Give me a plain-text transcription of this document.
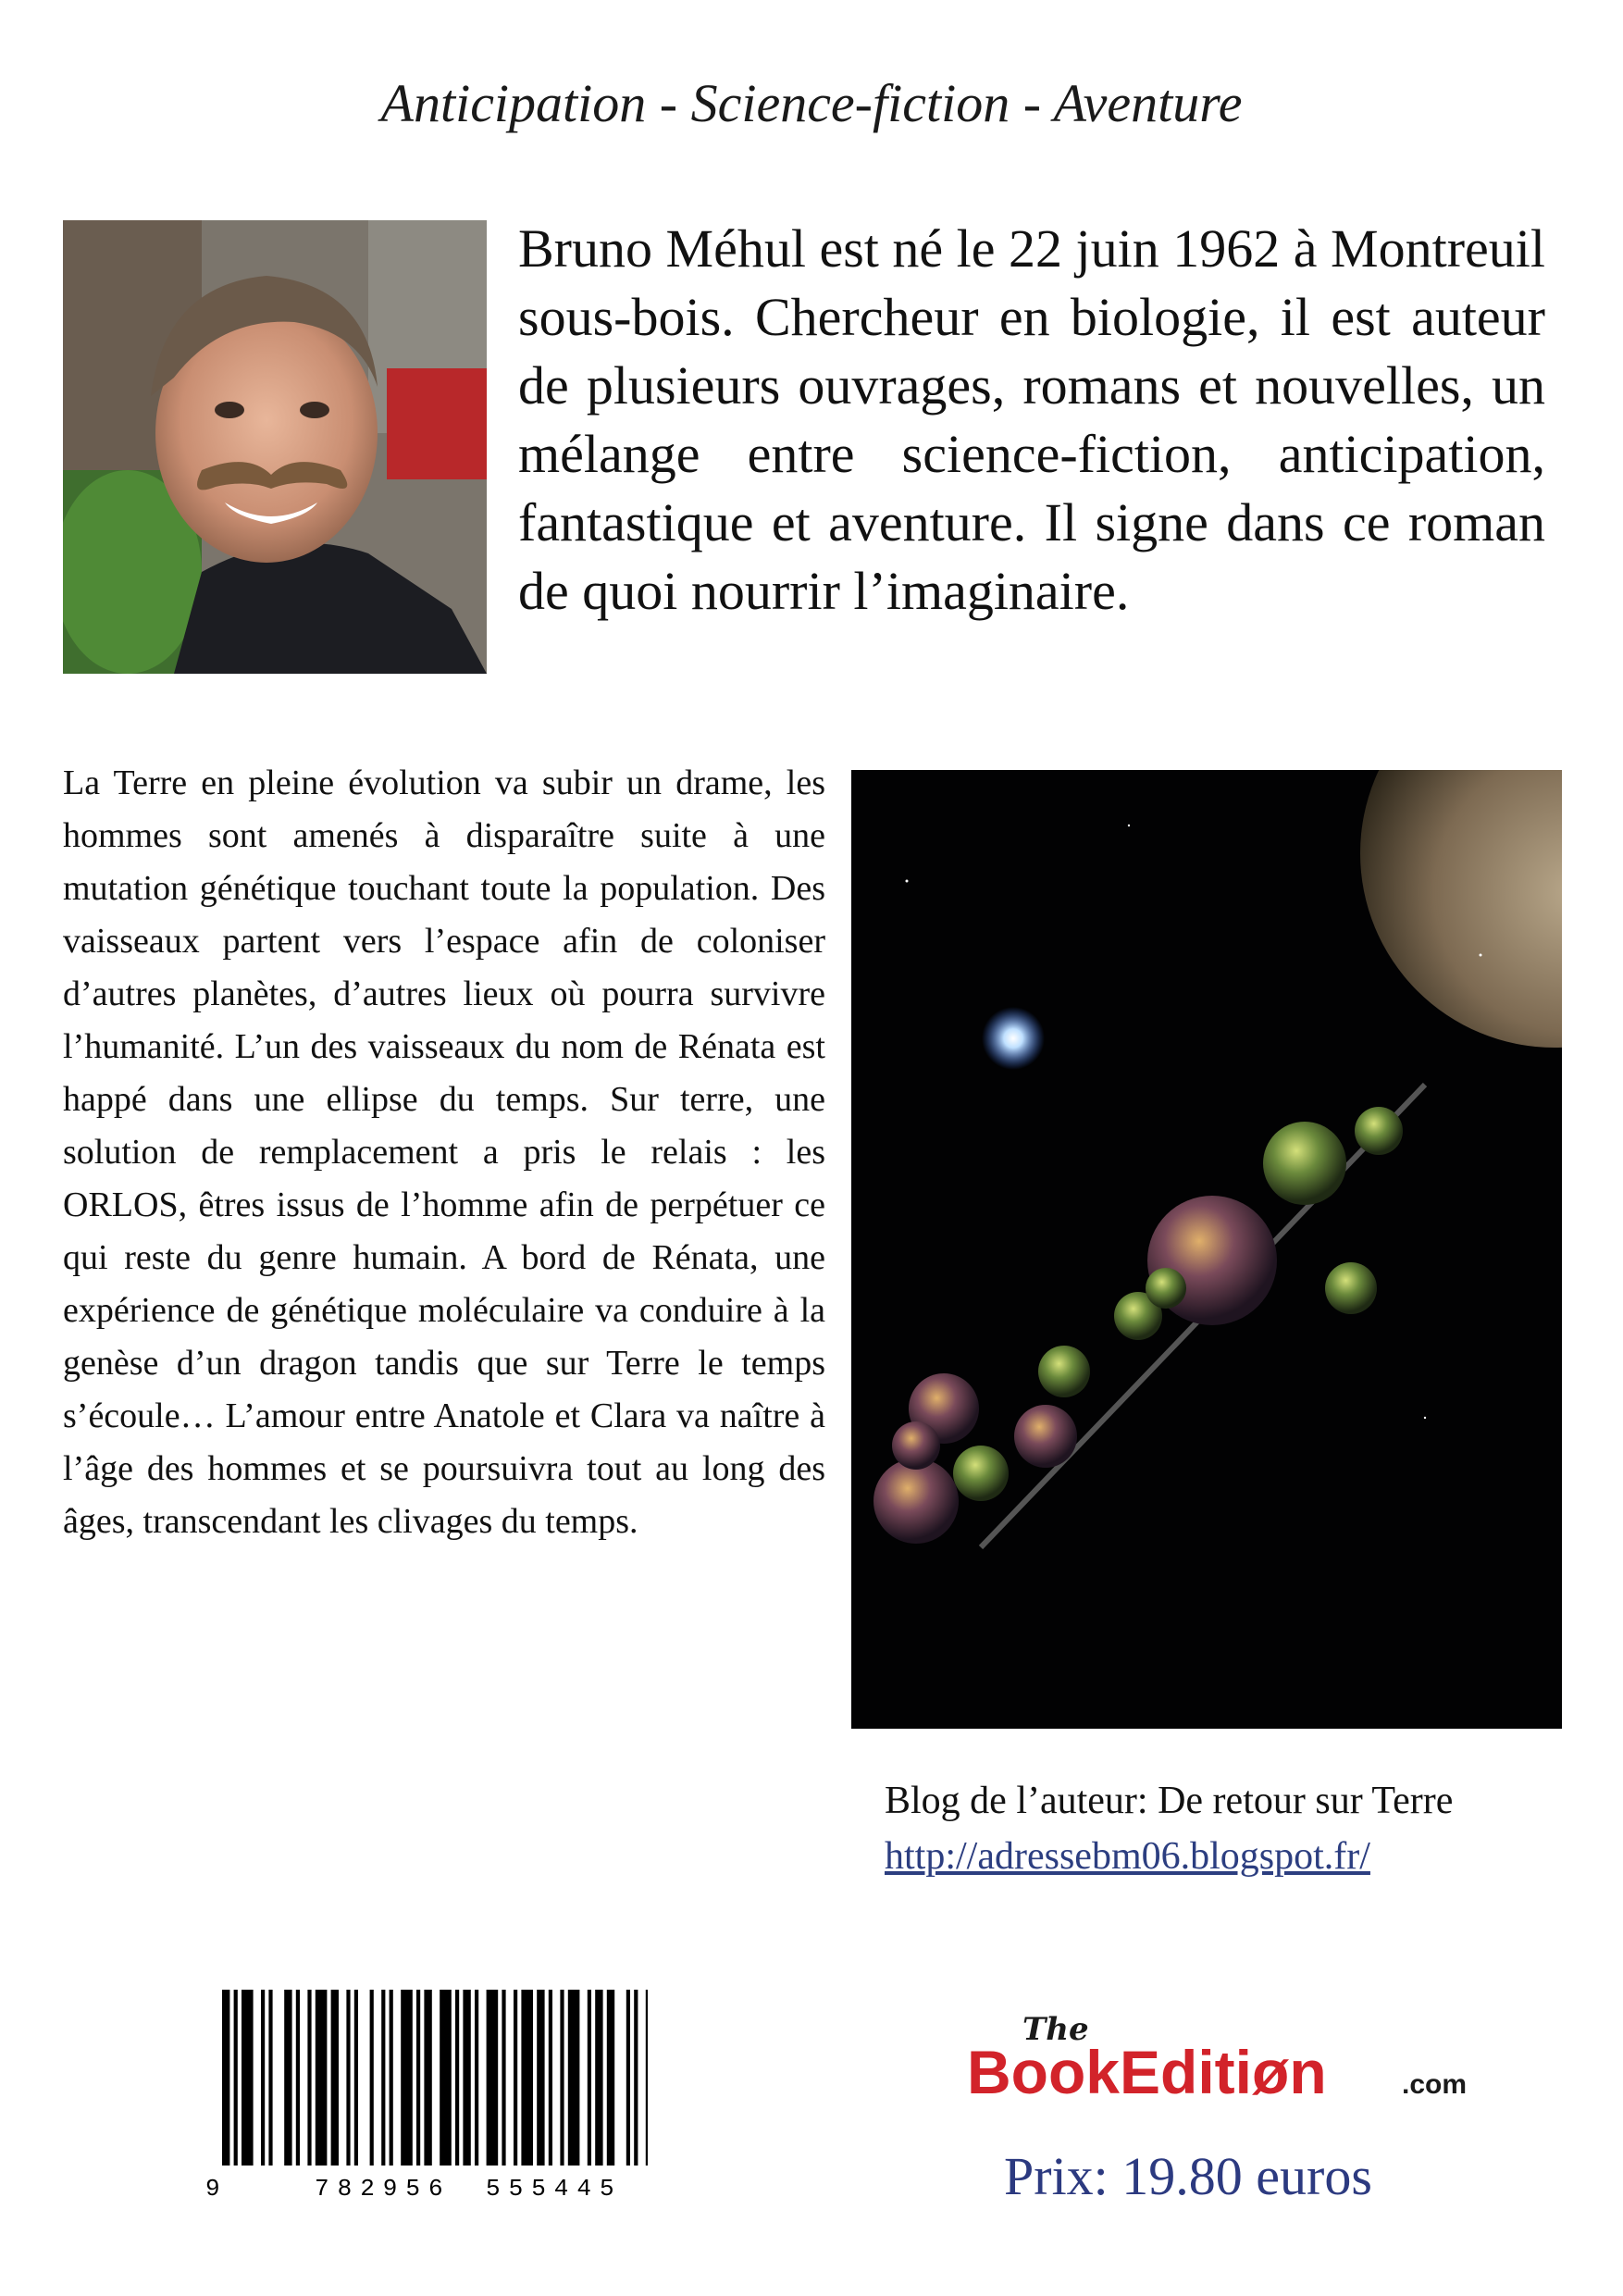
Anticipation - Science-fiction - Aventure
Bruno Méhul est né le 22 juin 1962 à Montreuil sous-bois. Chercheur en biologie, il est auteur de plusieurs ouvrages, romans et nouvelles, un mélange entre science-fiction, anticipation, fantastique et aventure. Il signe dans ce roman de quoi nourrir l’imaginaire.
La Terre en pleine évolution va subir un drame, les hommes sont amenés à disparaître suite à une mutation génétique touchant toute la population. Des vaisseaux partent vers l’espace afin de coloniser d’autres planètes, d’autres lieux où pourra survivre l’humanité. L’un des vaisseaux du nom de Rénata est happé dans une ellipse du temps. Sur terre, une solution de remplacement a pris le relais : les ORLOS, êtres issus de l’homme afin de perpétuer ce qui reste du genre humain. A bord de Rénata, une expérience de génétique moléculaire va conduire à la genèse d’un dragon tandis que sur Terre le temps s’écoule… L’amour entre Anatole et Clara va naître à l’âge des hommes et se poursuivra tout au long des âges, transcendant les clivages du temps.
Blog de l’auteur: De retour sur Terre
http://adressebm06.blogspot.fr/
9	782956 555445
The
BookEditiøn	.com
Prix: 19.80 euros
